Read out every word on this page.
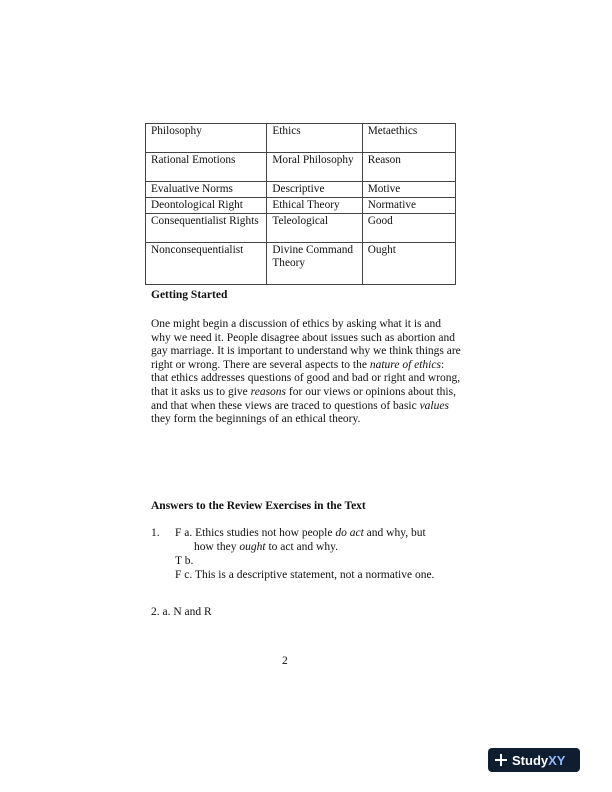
Philosophy	Ethics	Metaethics
Rational Emotions	Moral Philosophy	Reason
Evaluative Norms	Descriptive	Motive
Deontological Right	Ethical Theory	Normative
Consequentialist Rights	Teleological	Good
Nonconsequentialist	Divine Command Theory	Ought
Getting Started

One might begin a discussion of ethics by asking what it is and why we need it. People disagree about issues such as abortion and gay marriage. It is important to understand why we think things are right or wrong. There are several aspects to the nature of ethics: that ethics addresses questions of good and bad or right and wrong, that it asks us to give reasons for our views or opinions about this, and that when these views are traced to questions of basic values they form the beginnings of an ethical theory.

Answers to the Review Exercises in the Text
1. F a. Ethics studies not how people do act and why, but
how they ought to act and why.
T b.
F c. This is a descriptive statement, not a normative one.
2. a. N and R
2
Study XY
